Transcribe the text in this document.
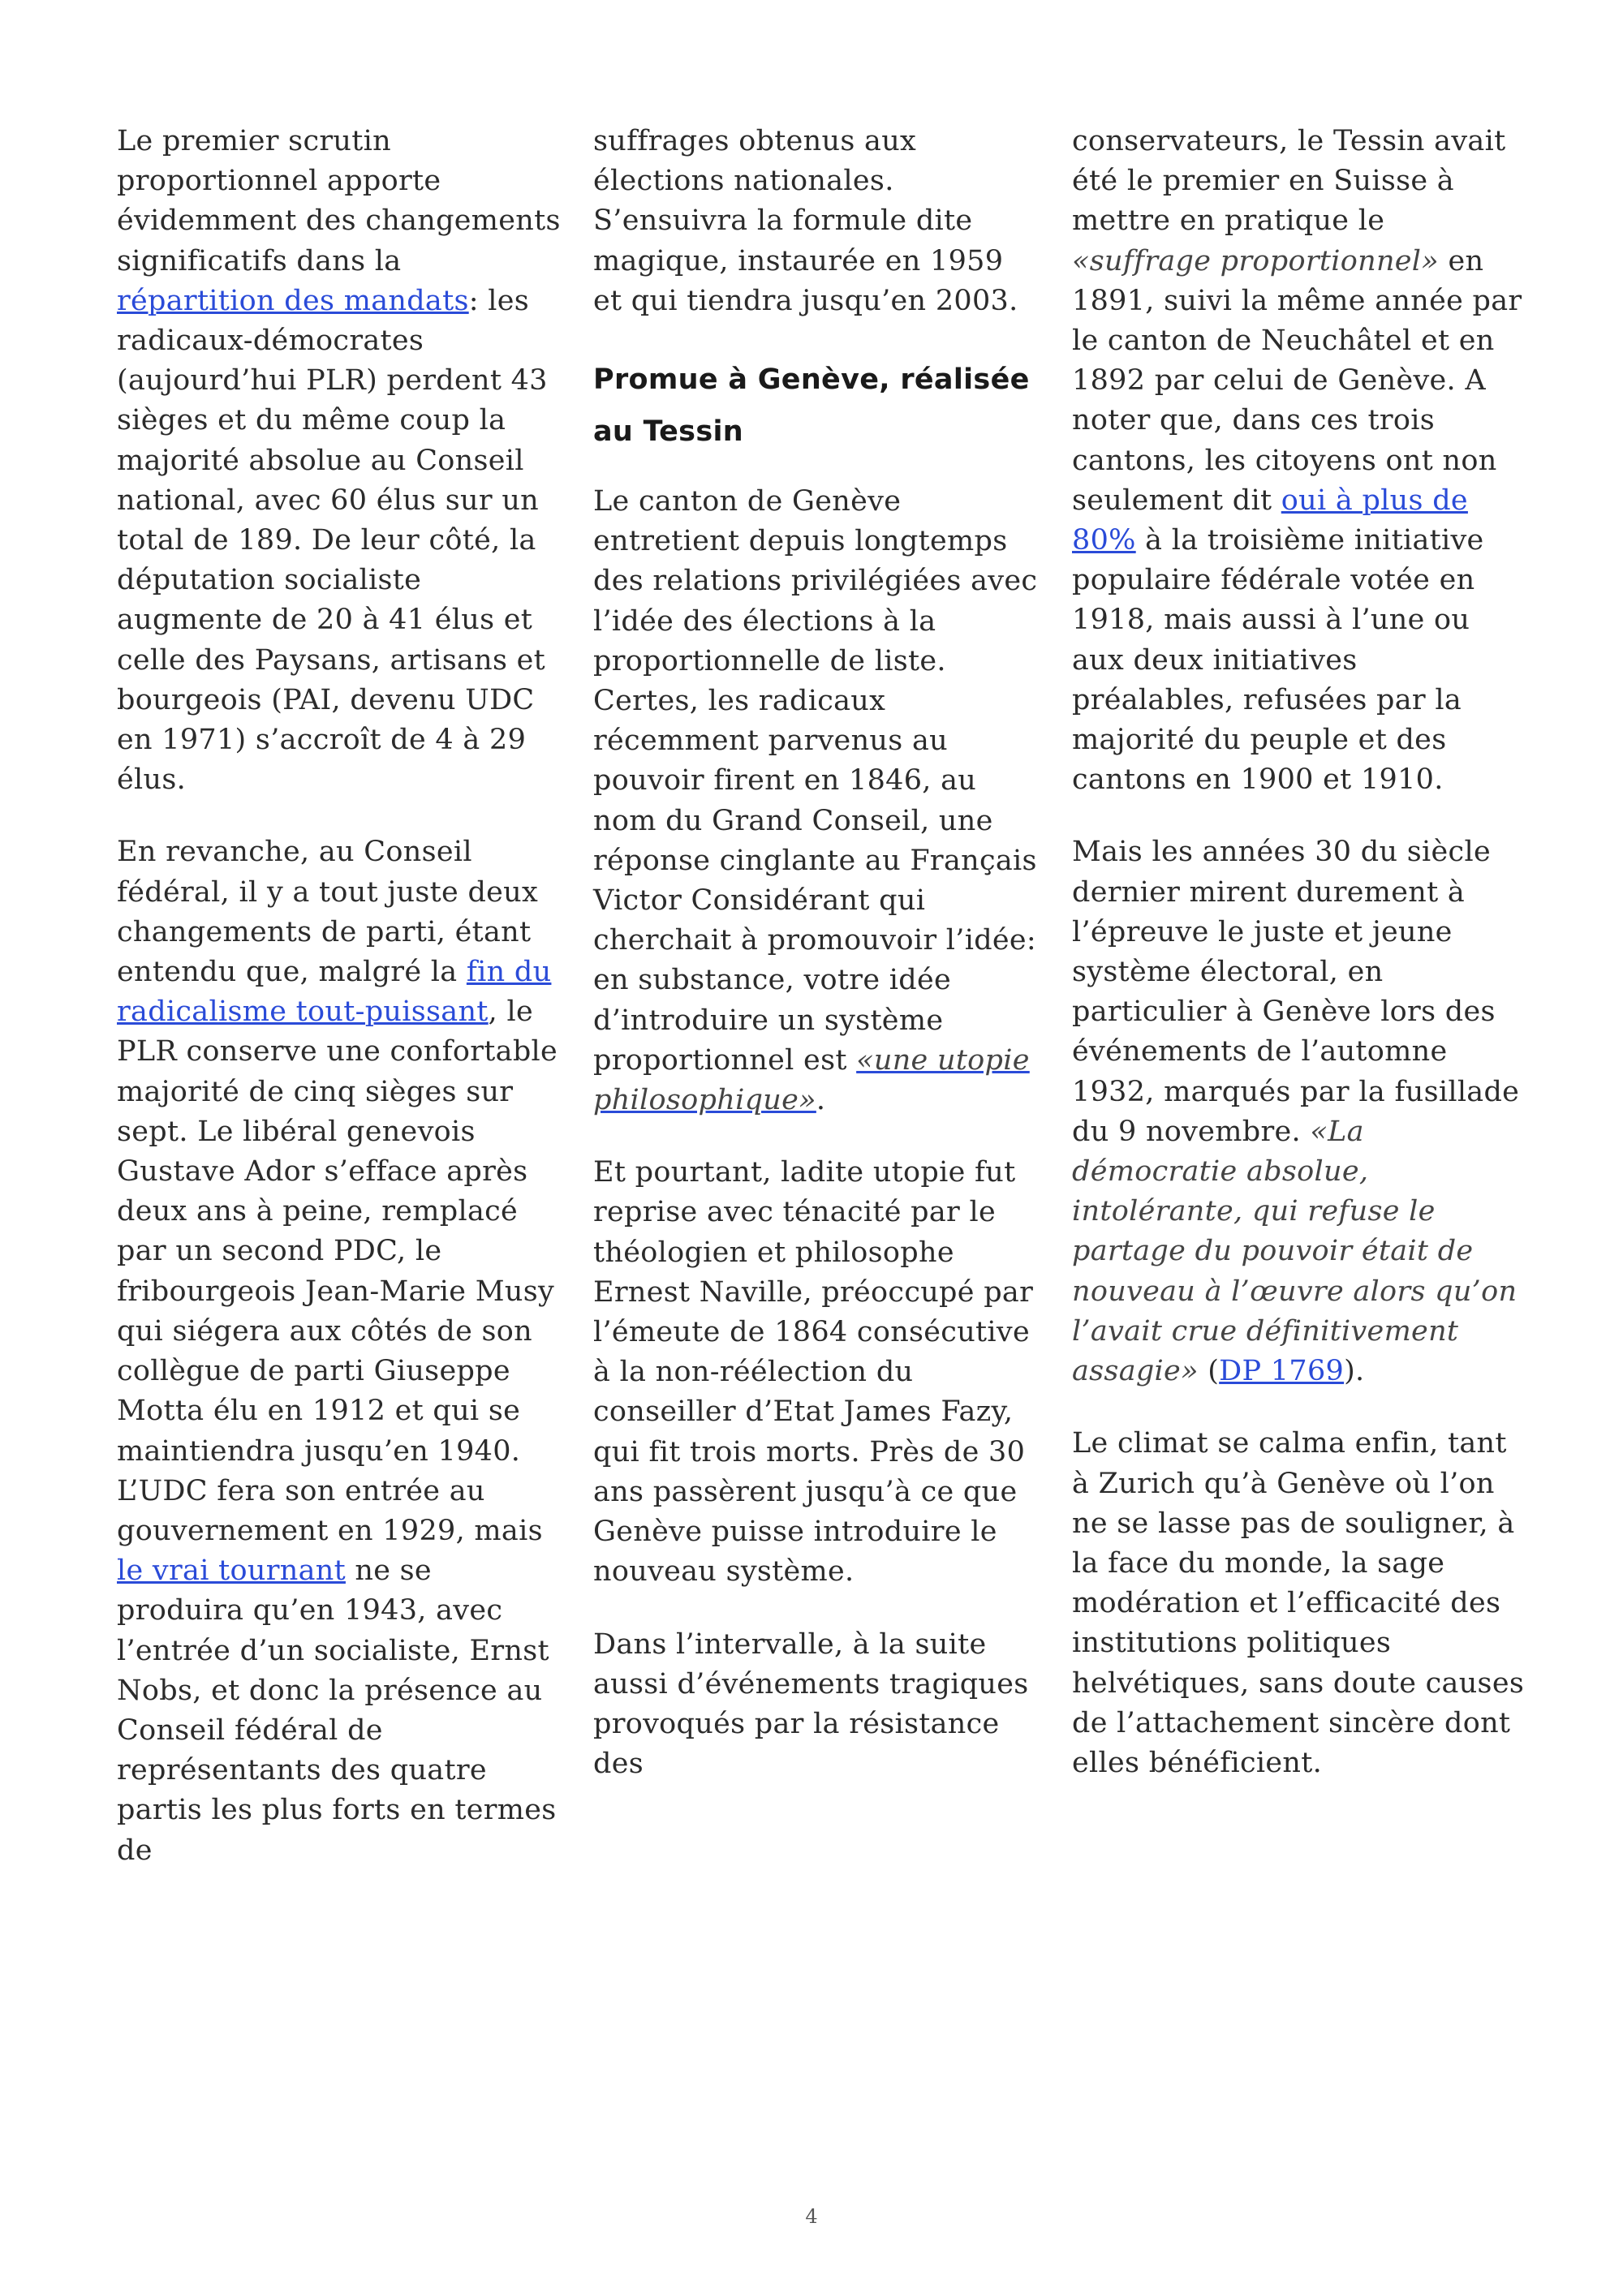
Le premier scrutin proportionnel apporte évidemment des changements significatifs dans la répartition des mandats: les radicaux-démocrates (aujourd’hui PLR) perdent 43 sièges et du même coup la majorité absolue au Conseil national, avec 60 élus sur un total de 189. De leur côté, la députation socialiste augmente de 20 à 41 élus et celle des Paysans, artisans et bourgeois (PAI, devenu UDC en 1971) s’accroît de 4 à 29 élus.

En revanche, au Conseil fédéral, il y a tout juste deux changements de parti, étant entendu que, malgré la fin du radicalisme tout-puissant, le PLR conserve une confortable majorité de cinq sièges sur sept. Le libéral genevois Gustave Ador s’efface après deux ans à peine, remplacé par un second PDC, le fribourgeois Jean-Marie Musy qui siégera aux côtés de son collègue de parti Giuseppe Motta élu en 1912 et qui se maintiendra jusqu’en 1940. L’UDC fera son entrée au gouvernement en 1929, mais le vrai tournant ne se produira qu’en 1943, avec l’entrée d’un socialiste, Ernst Nobs, et donc la présence au Conseil fédéral de représentants des quatre partis les plus forts en termes de

suffrages obtenus aux élections nationales. S’ensuivra la formule dite magique, instaurée en 1959 et qui tiendra jusqu’en 2003.

Promue à Genève, réalisée au Tessin

Le canton de Genève entretient depuis longtemps des relations privilégiées avec l’idée des élections à la proportionnelle de liste. Certes, les radicaux récemment parvenus au pouvoir firent en 1846, au nom du Grand Conseil, une réponse cinglante au Français Victor Considérant qui cherchait à promouvoir l’idée: en substance, votre idée d’introduire un système proportionnel est «une utopie philosophique».

Et pourtant, ladite utopie fut reprise avec ténacité par le théologien et philosophe Ernest Naville, préoccupé par l’émeute de 1864 consécutive à la non-réélection du conseiller d’Etat James Fazy, qui fit trois morts. Près de 30 ans passèrent jusqu’à ce que Genève puisse introduire le nouveau système.

Dans l’intervalle, à la suite aussi d’événements tragiques provoqués par la résistance des

conservateurs, le Tessin avait été le premier en Suisse à mettre en pratique le «suffrage proportionnel» en 1891, suivi la même année par le canton de Neuchâtel et en 1892 par celui de Genève. A noter que, dans ces trois cantons, les citoyens ont non seulement dit oui à plus de 80% à la troisième initiative populaire fédérale votée en 1918, mais aussi à l’une ou aux deux initiatives préalables, refusées par la majorité du peuple et des cantons en 1900 et 1910.

Mais les années 30 du siècle dernier mirent durement à l’épreuve le juste et jeune système électoral, en particulier à Genève lors des événements de l’automne 1932, marqués par la fusillade du 9 novembre. «La démocratie absolue, intolérante, qui refuse le partage du pouvoir était de nouveau à l’œuvre alors qu’on l’avait crue définitivement assagie» (DP 1769).

Le climat se calma enfin, tant à Zurich qu’à Genève où l’on ne se lasse pas de souligner, à la face du monde, la sage modération et l’efficacité des institutions politiques helvétiques, sans doute causes de l’attachement sincère dont elles bénéficient.

4
